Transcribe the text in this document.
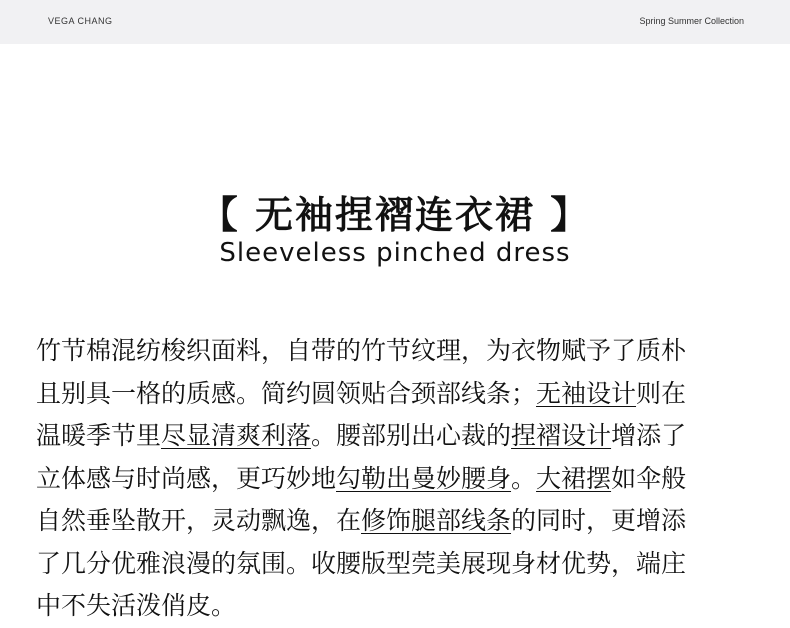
VEGA CHANG	Spring Summer Collection
【 无袖捏褶连衣裙 】
Sleeveless pinched dress
竹节棉混纺梭织面料，自带的竹节纹理，为衣物赋予了质朴
且别具一格的质感。简约圆领贴合颈部线条；无袖设计则在
温暖季节里尽显清爽利落。腰部别出心裁的捏褶设计增添了
立体感与时尚感，更巧妙地勾勒出曼妙腰身。大裙摆如伞般
自然垂坠散开，灵动飘逸，在修饰腿部线条的同时，更增添
了几分优雅浪漫的氛围。收腰版型莞美展现身材优势，端庄
中不失活泼俏皮。
